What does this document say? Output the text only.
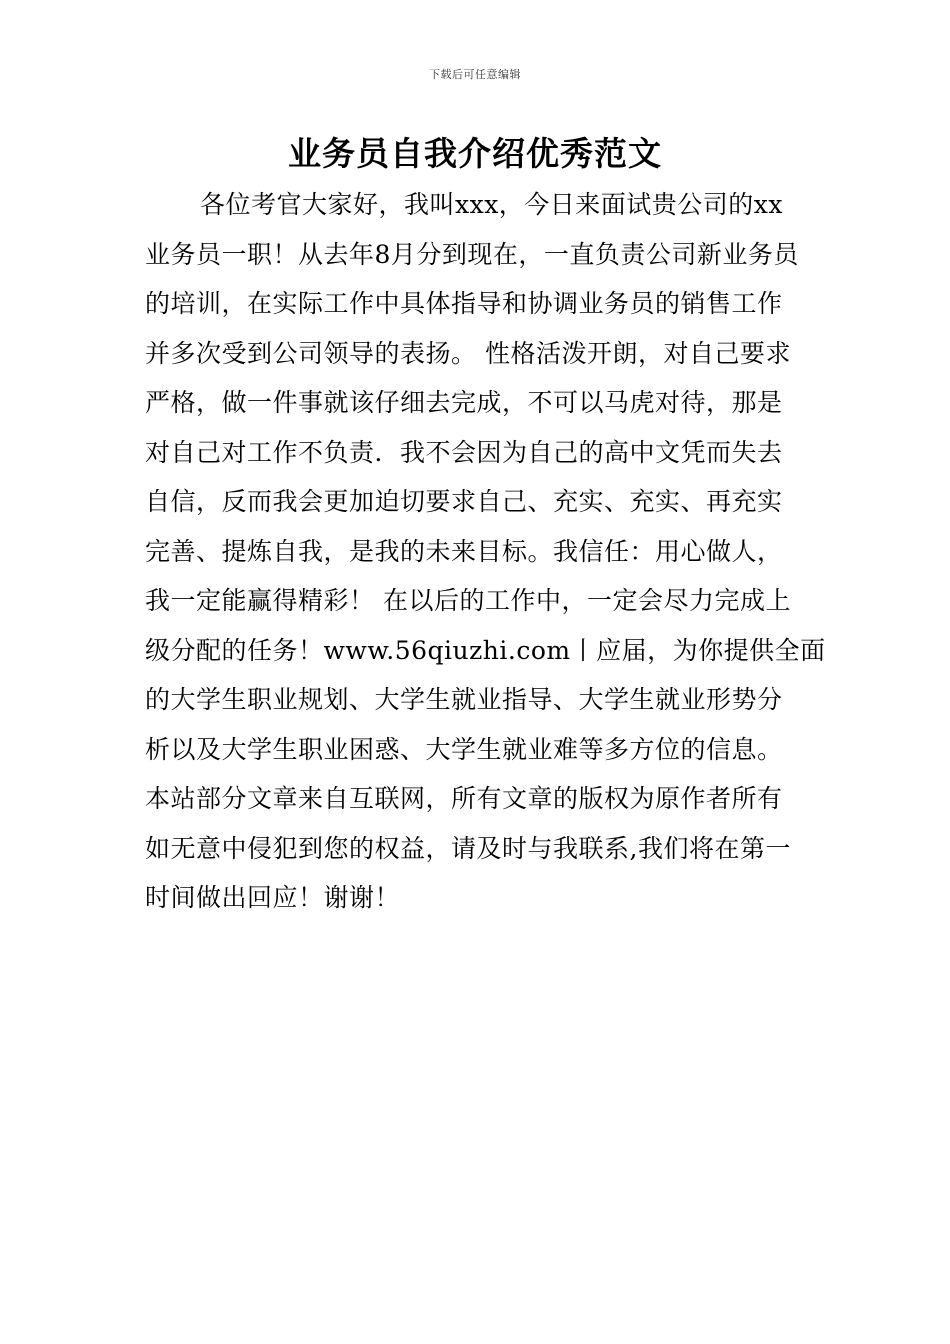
下载后可任意编辑
业务员自我介绍优秀范文
各位考官大家好，我叫xxx，今日来面试贵公司的xx
业务员一职！从去年8月分到现在，一直负责公司新业务员
的培训，在实际工作中具体指导和协调业务员的销售工作
并多次受到公司领导的表扬。 性格活泼开朗，对自己要求
严格，做一件事就该仔细去完成，不可以马虎对待，那是
对自己对工作不负责．我不会因为自己的高中文凭而失去
自信，反而我会更加迫切要求自己、充实、充实、再充实
完善、提炼自我，是我的未来目标。我信任：用心做人，
我一定能赢得精彩！ 在以后的工作中，一定会尽力完成上
级分配的任务！www.56qiuzhi.com丨应届，为你提供全面
的大学生职业规划、大学生就业指导、大学生就业形势分
析以及大学生职业困惑、大学生就业难等多方位的信息。
本站部分文章来自互联网，所有文章的版权为原作者所有
如无意中侵犯到您的权益，请及时与我联系,我们将在第一
时间做出回应！谢谢！
